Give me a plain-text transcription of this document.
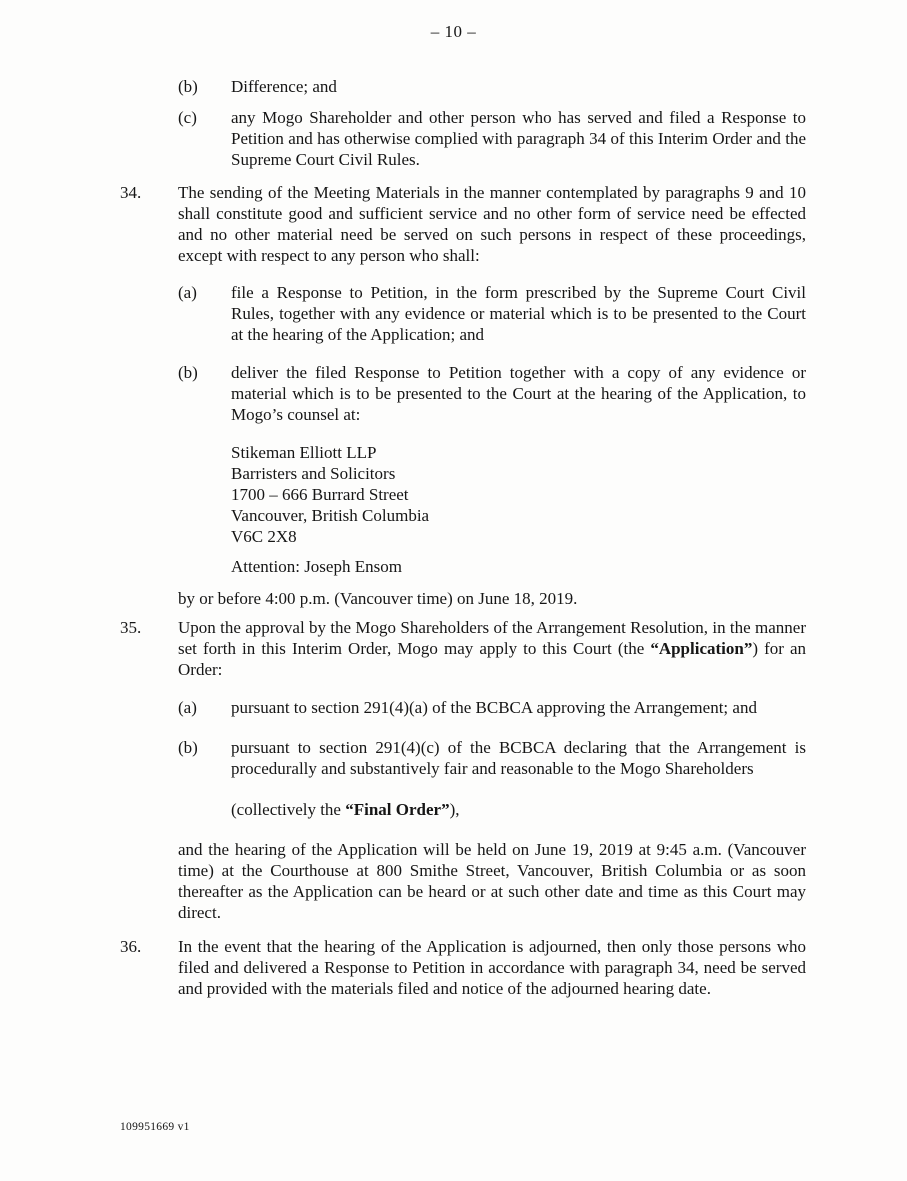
– 10 –
(b)	Difference; and
(c)	any Mogo Shareholder and other person who has served and filed a Response to Petition and has otherwise complied with paragraph 34 of this Interim Order and the Supreme Court Civil Rules.
34.	The sending of the Meeting Materials in the manner contemplated by paragraphs 9 and 10 shall constitute good and sufficient service and no other form of service need be effected and no other material need be served on such persons in respect of these proceedings, except with respect to any person who shall:
(a)	file a Response to Petition, in the form prescribed by the Supreme Court Civil Rules, together with any evidence or material which is to be presented to the Court at the hearing of the Application; and
(b)	deliver the filed Response to Petition together with a copy of any evidence or material which is to be presented to the Court at the hearing of the Application, to Mogo’s counsel at:
Stikeman Elliott LLP
Barristers and Solicitors
1700 – 666 Burrard Street
Vancouver, British Columbia
V6C 2X8
Attention: Joseph Ensom
by or before 4:00 p.m. (Vancouver time) on June 18, 2019.
35.	Upon the approval by the Mogo Shareholders of the Arrangement Resolution, in the manner set forth in this Interim Order, Mogo may apply to this Court (the “Application”) for an Order:
(a)	pursuant to section 291(4)(a) of the BCBCA approving the Arrangement; and
(b)	pursuant to section 291(4)(c) of the BCBCA declaring that the Arrangement is procedurally and substantively fair and reasonable to the Mogo Shareholders
(collectively the “Final Order”),
and the hearing of the Application will be held on June 19, 2019 at 9:45 a.m. (Vancouver time) at the Courthouse at 800 Smithe Street, Vancouver, British Columbia or as soon thereafter as the Application can be heard or at such other date and time as this Court may direct.
36.	In the event that the hearing of the Application is adjourned, then only those persons who filed and delivered a Response to Petition in accordance with paragraph 34, need be served and provided with the materials filed and notice of the adjourned hearing date.
109951669 v1
